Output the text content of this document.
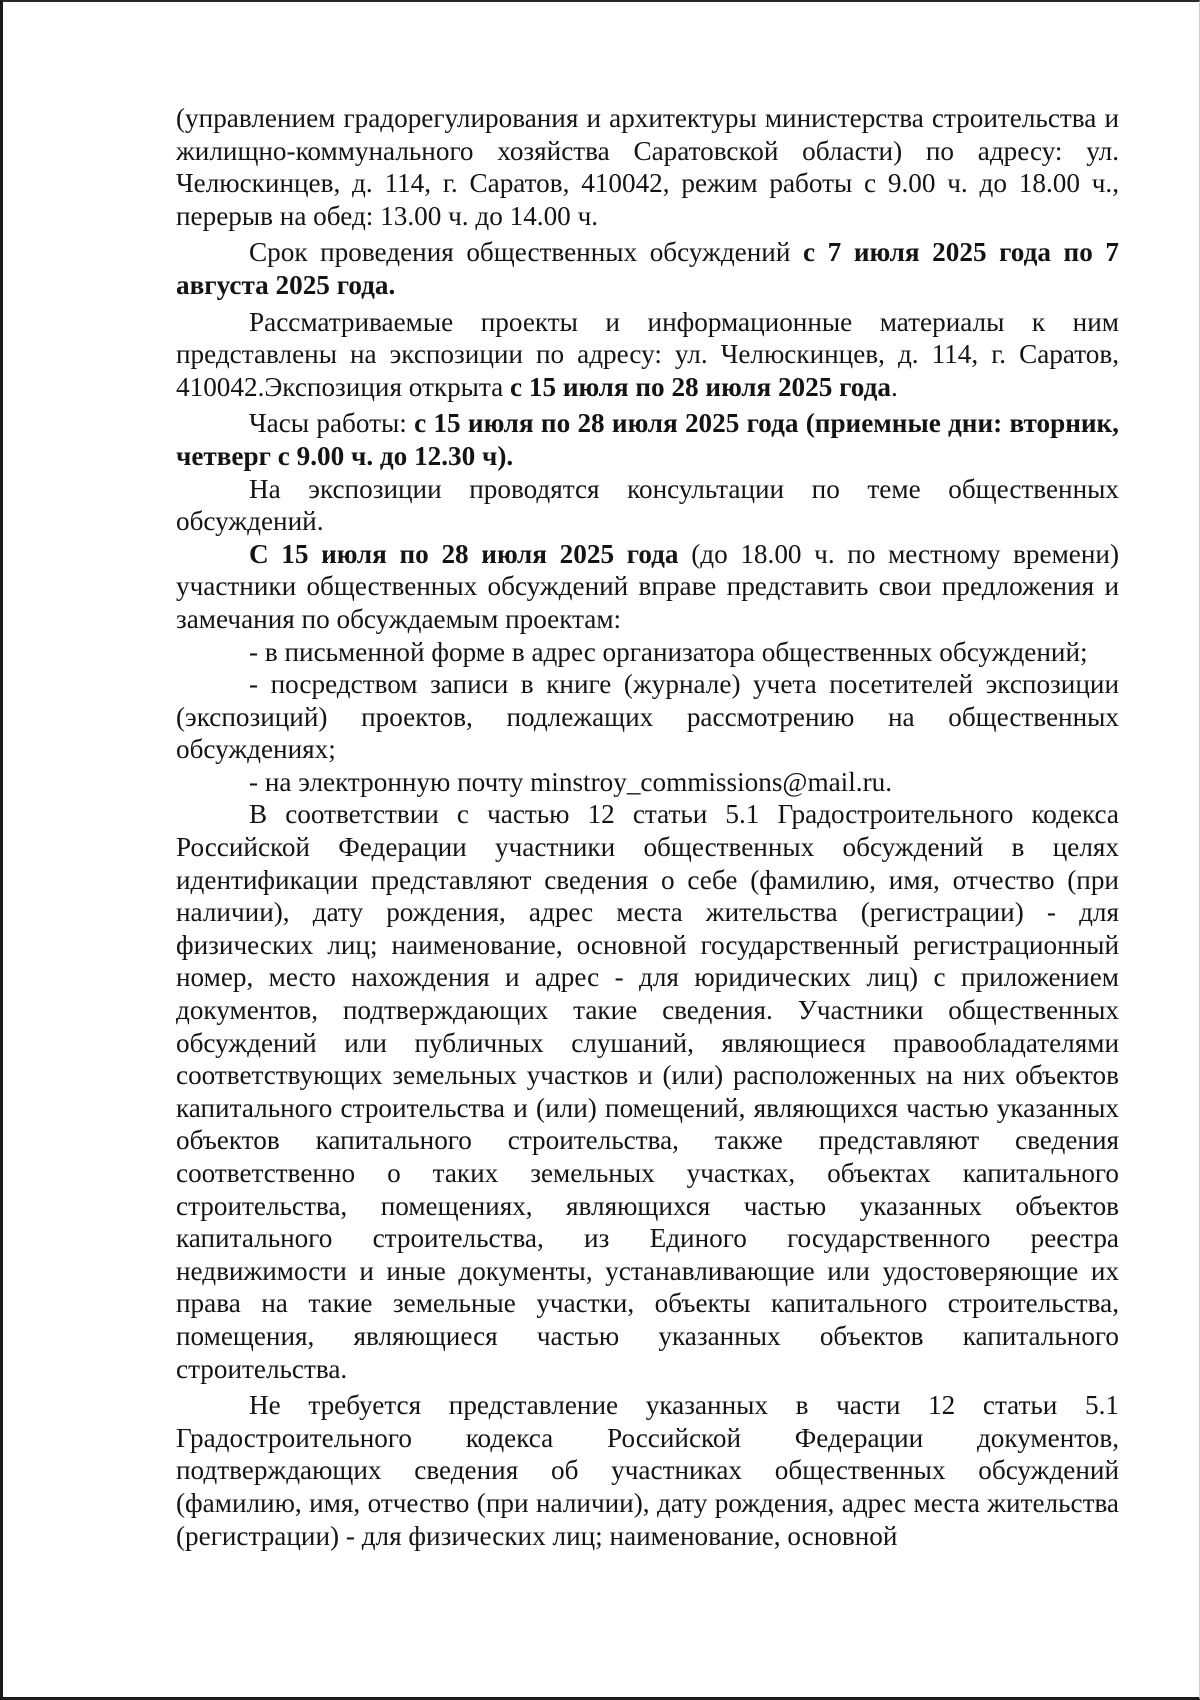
(управлением градорегулирования и архитектуры министерства строительства и жилищно-коммунального хозяйства Саратовской области) по адресу: ул. Челюскинцев, д. 114, г. Саратов, 410042, режим работы с 9.00 ч. до 18.00 ч., перерыв на обед: 13.00 ч. до 14.00 ч.

Срок проведения общественных обсуждений с 7 июля 2025 года по 7 августа 2025 года.

Рассматриваемые проекты и информационные материалы к ним представлены на экспозиции по адресу: ул. Челюскинцев, д. 114, г. Саратов, 410042.Экспозиция открыта с 15 июля по 28 июля 2025 года.

Часы работы: с 15 июля по 28 июля 2025 года (приемные дни: вторник, четверг с 9.00 ч. до 12.30 ч).

На экспозиции проводятся консультации по теме общественных обсуждений.

С 15 июля по 28 июля 2025 года (до 18.00 ч. по местному времени) участники общественных обсуждений вправе представить свои предложения и замечания по обсуждаемым проектам:

- в письменной форме в адрес организатора общественных обсуждений;

- посредством записи в книге (журнале) учета посетителей экспозиции (экспозиций) проектов, подлежащих рассмотрению на общественных обсуждениях;

- на электронную почту minstroy_commissions@mail.ru.

В соответствии с частью 12 статьи 5.1 Градостроительного кодекса Российской Федерации участники общественных обсуждений в целях идентификации представляют сведения о себе (фамилию, имя, отчество (при наличии), дату рождения, адрес места жительства (регистрации) - для физических лиц; наименование, основной государственный регистрационный номер, место нахождения и адрес - для юридических лиц) с приложением документов, подтверждающих такие сведения. Участники общественных обсуждений или публичных слушаний, являющиеся правообладателями соответствующих земельных участков и (или) расположенных на них объектов капитального строительства и (или) помещений, являющихся частью указанных объектов капитального строительства, также представляют сведения соответственно о таких земельных участках, объектах капитального строительства, помещениях, являющихся частью указанных объектов капитального строительства, из Единого государственного реестра недвижимости и иные документы, устанавливающие или удостоверяющие их права на такие земельные участки, объекты капитального строительства, помещения, являющиеся частью указанных объектов капитального строительства.

Не требуется представление указанных в части 12 статьи 5.1 Градостроительного кодекса Российской Федерации документов, подтверждающих сведения об участниках общественных обсуждений (фамилию, имя, отчество (при наличии), дату рождения, адрес места жительства (регистрации) - для физических лиц; наименование, основной
